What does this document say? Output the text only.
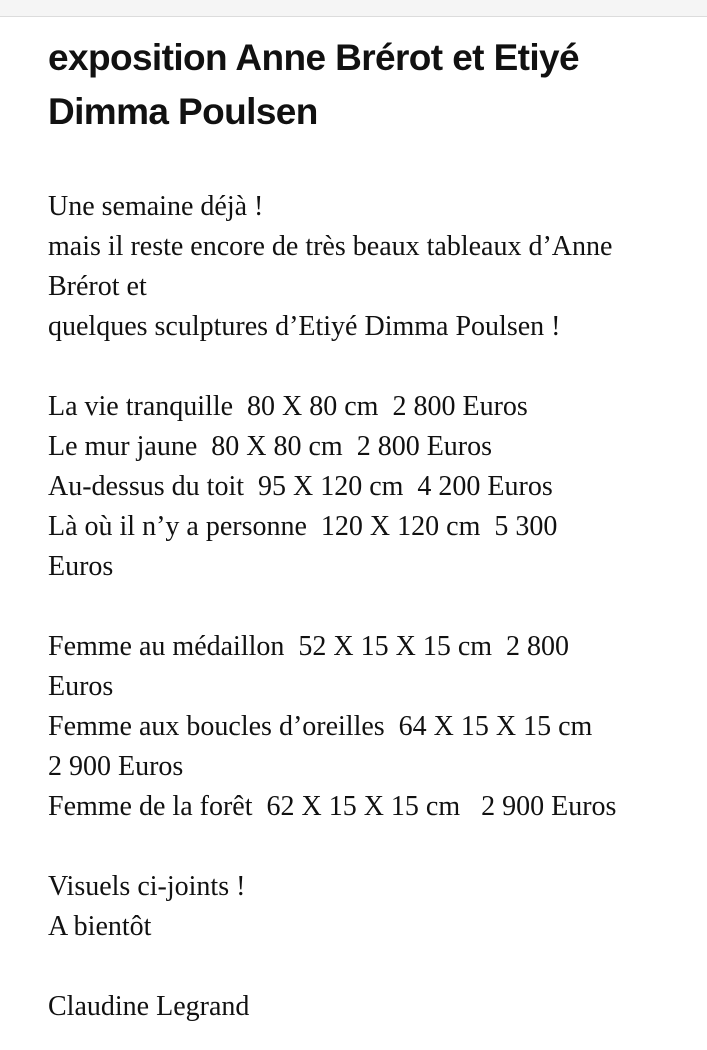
exposition Anne Brérot et Etiyé Dimma Poulsen
Une semaine déjà !
mais il reste encore de très beaux tableaux d’Anne
Brérot et
quelques sculptures d’Etiyé Dimma Poulsen !
La vie tranquille  80 X 80 cm  2 800 Euros
Le mur jaune  80 X 80 cm  2 800 Euros
Au-dessus du toit  95 X 120 cm  4 200 Euros
Là où il n’y a personne  120 X 120 cm  5 300
Euros
Femme au médaillon  52 X 15 X 15 cm  2 800
Euros
Femme aux boucles d’oreilles  64 X 15 X 15 cm
2 900 Euros
Femme de la forêt  62 X 15 X 15 cm   2 900 Euros
Visuels ci-joints !
A bientôt
Claudine Legrand
